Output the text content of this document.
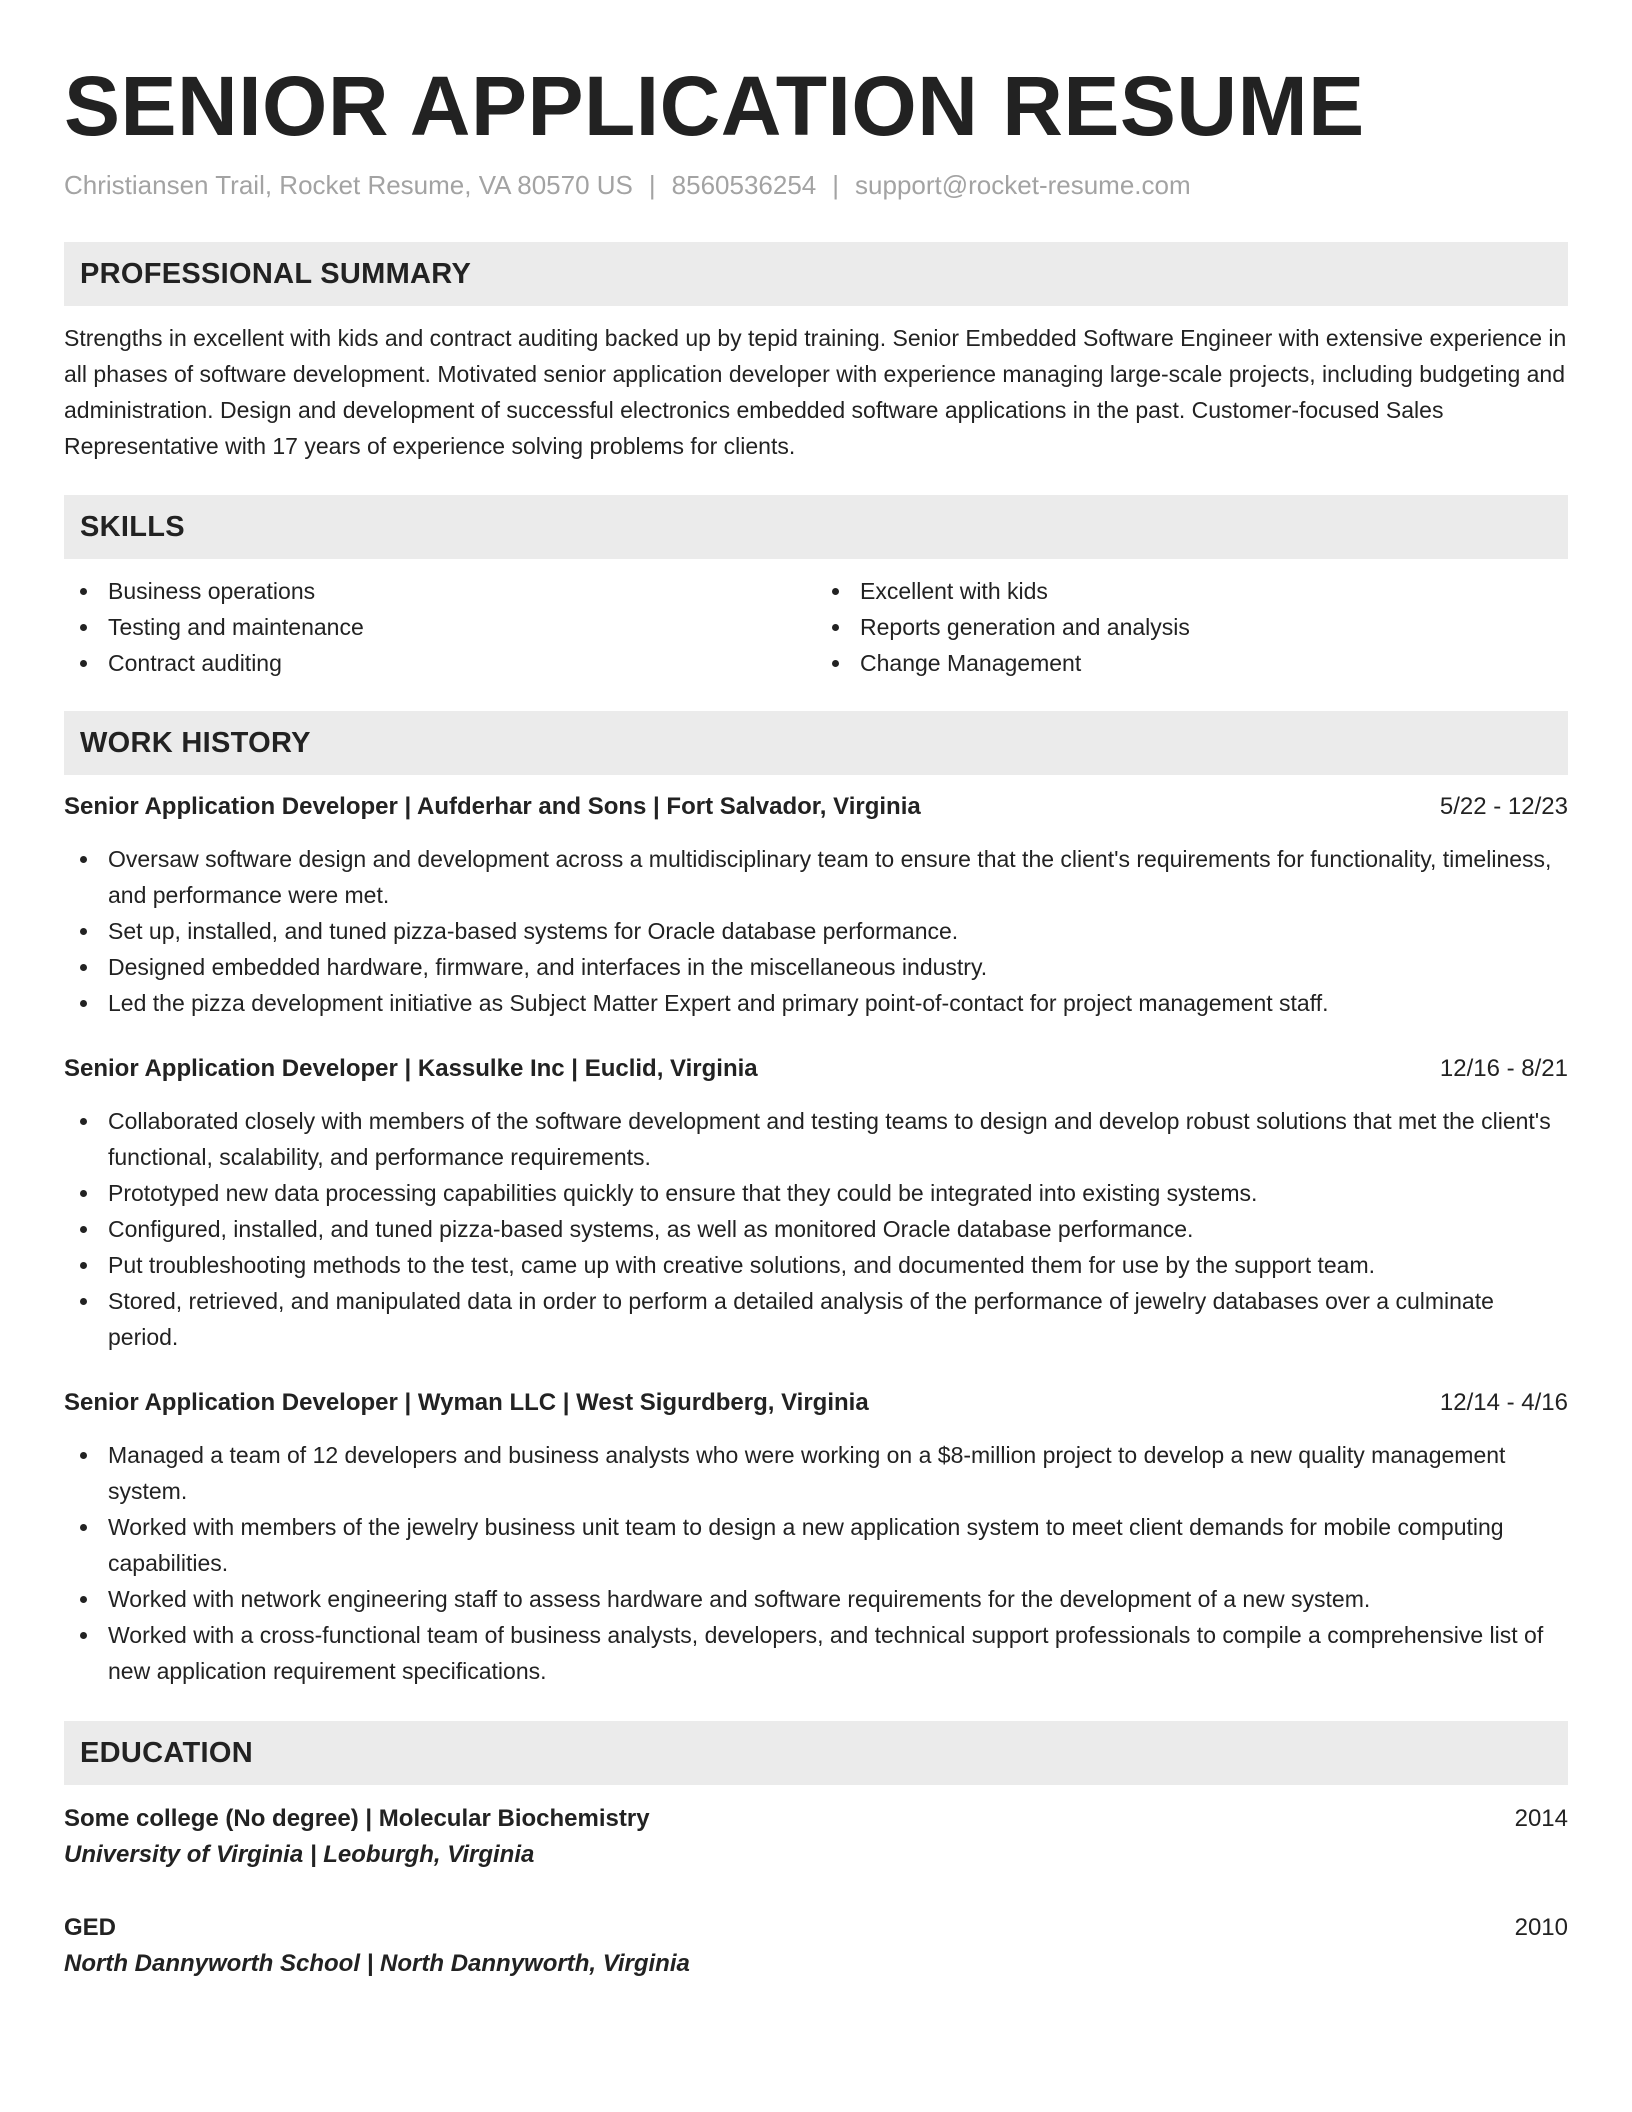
SENIOR APPLICATION RESUME
Christiansen Trail, Rocket Resume, VA 80570 US | 8560536254 | support@rocket-resume.com
PROFESSIONAL SUMMARY

Strengths in excellent with kids and contract auditing backed up by tepid training. Senior Embedded Software Engineer with extensive experience in all phases of software development. Motivated senior application developer with experience managing large-scale projects, including budgeting and administration. Design and development of successful electronics embedded software applications in the past. Customer-focused Sales Representative with 17 years of experience solving problems for clients.

SKILLS
Business operations
Testing and maintenance
Contract auditing
Excellent with kids
Reports generation and analysis
Change Management
WORK HISTORY
Senior Application Developer | Aufderhar and Sons | Fort Salvador, Virginia	5/22 - 12/23
Oversaw software design and development across a multidisciplinary team to ensure that the client's requirements for functionality, timeliness, and performance were met.
Set up, installed, and tuned pizza-based systems for Oracle database performance.
Designed embedded hardware, firmware, and interfaces in the miscellaneous industry.
Led the pizza development initiative as Subject Matter Expert and primary point-of-contact for project management staff.
Senior Application Developer | Kassulke Inc | Euclid, Virginia	12/16 - 8/21
Collaborated closely with members of the software development and testing teams to design and develop robust solutions that met the client's functional, scalability, and performance requirements.
Prototyped new data processing capabilities quickly to ensure that they could be integrated into existing systems.
Configured, installed, and tuned pizza-based systems, as well as monitored Oracle database performance.
Put troubleshooting methods to the test, came up with creative solutions, and documented them for use by the support team.
Stored, retrieved, and manipulated data in order to perform a detailed analysis of the performance of jewelry databases over a culminate period.
Senior Application Developer | Wyman LLC | West Sigurdberg, Virginia	12/14 - 4/16
Managed a team of 12 developers and business analysts who were working on a $8-million project to develop a new quality management system.
Worked with members of the jewelry business unit team to design a new application system to meet client demands for mobile computing capabilities.
Worked with network engineering staff to assess hardware and software requirements for the development of a new system.
Worked with a cross-functional team of business analysts, developers, and technical support professionals to compile a comprehensive list of new application requirement specifications.
EDUCATION
Some college (No degree) | Molecular Biochemistry	2014
University of Virginia | Leoburgh, Virginia
GED	2010
North Dannyworth School | North Dannyworth, Virginia
